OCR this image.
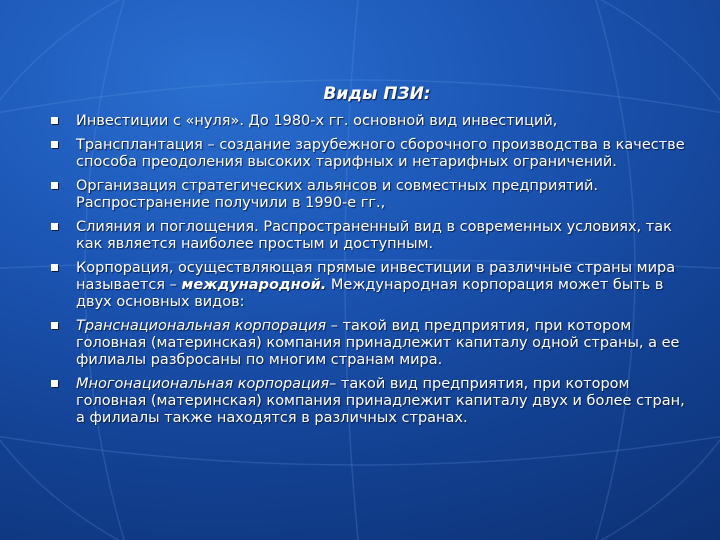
Виды ПЗИ:
Инвестиции с «нуля». До 1980-х гг. основной вид инвестиций,
Трансплантация – создание зарубежного сборочного производства в качестве способа преодоления высоких тарифных и нетарифных ограничений.
Организация стратегических альянсов и совместных предприятий. Распространение получили в 1990-е гг.,
Слияния и поглощения. Распространенный вид в современных условиях, так как является наиболее простым и доступным.
Корпорация, осуществляющая прямые инвестиции в различные страны мира называется – международной. Международная корпорация может быть в двух основных видов:
Транснациональная корпорация – такой вид предприятия, при котором головная (материнская) компания принадлежит капиталу одной страны, а ее филиалы разбросаны по многим странам мира.
Многонациональная корпорация– такой вид предприятия, при котором головная (материнская) компания принадлежит капиталу двух и более стран, а филиалы также находятся в различных странах.
